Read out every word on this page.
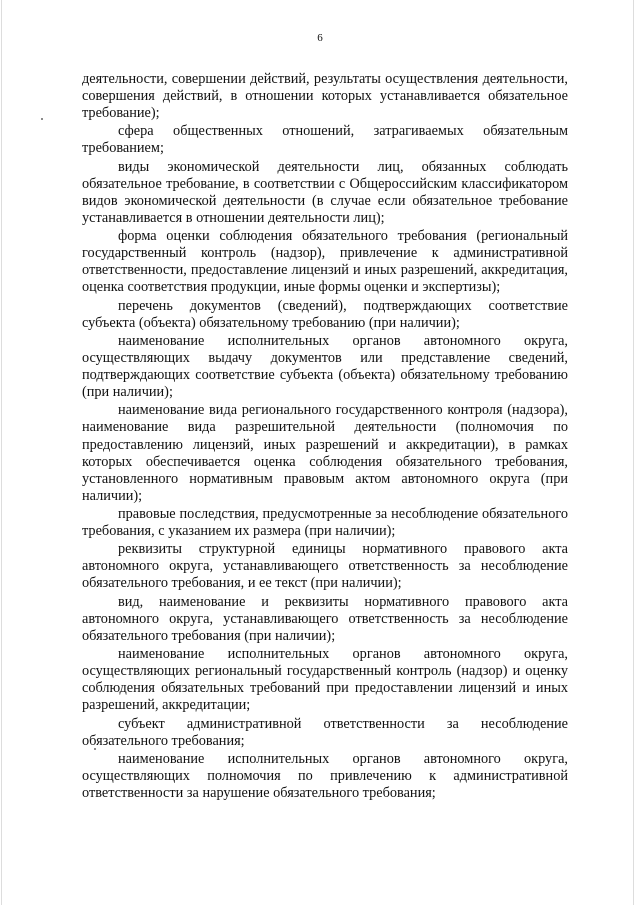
6

деятельности, совершении действий, результаты осуществления деятельности, совершения действий, в отношении которых устанавливается обязательное требование);

сфера общественных отношений, затрагиваемых обязательным требованием;

виды экономической деятельности лиц, обязанных соблюдать обязательное требование, в соответствии с Общероссийским классификатором видов экономической деятельности (в случае если обязательное требование устанавливается в отношении деятельности лиц);

форма оценки соблюдения обязательного требования (региональный государственный контроль (надзор), привлечение к административной ответственности, предоставление лицензий и иных разрешений, аккредитация, оценка соответствия продукции, иные формы оценки и экспертизы);

перечень документов (сведений), подтверждающих соответствие субъекта (объекта) обязательному требованию (при наличии);

наименование исполнительных органов автономного округа, осуществляющих выдачу документов или представление сведений, подтверждающих соответствие субъекта (объекта) обязательному требованию (при наличии);

наименование вида регионального государственного контроля (надзора), наименование вида разрешительной деятельности (полномочия по предоставлению лицензий, иных разрешений и аккредитации), в рамках которых обеспечивается оценка соблюдения обязательного требования, установленного нормативным правовым актом автономного округа (при наличии);

правовые последствия, предусмотренные за несоблюдение обязательного требования, с указанием их размера (при наличии);

реквизиты структурной единицы нормативного правового акта автономного округа, устанавливающего ответственность за несоблюдение обязательного требования, и ее текст (при наличии);

вид, наименование и реквизиты нормативного правового акта автономного округа, устанавливающего ответственность за несоблюдение обязательного требования (при наличии);

наименование исполнительных органов автономного округа, осуществляющих региональный государственный контроль (надзор) и оценку соблюдения обязательных требований при предоставлении лицензий и иных разрешений, аккредитации;

субъект административной ответственности за несоблюдение обязательного требования;

наименование исполнительных органов автономного округа, осуществляющих полномочия по привлечению к административной ответственности за нарушение обязательного требования;
